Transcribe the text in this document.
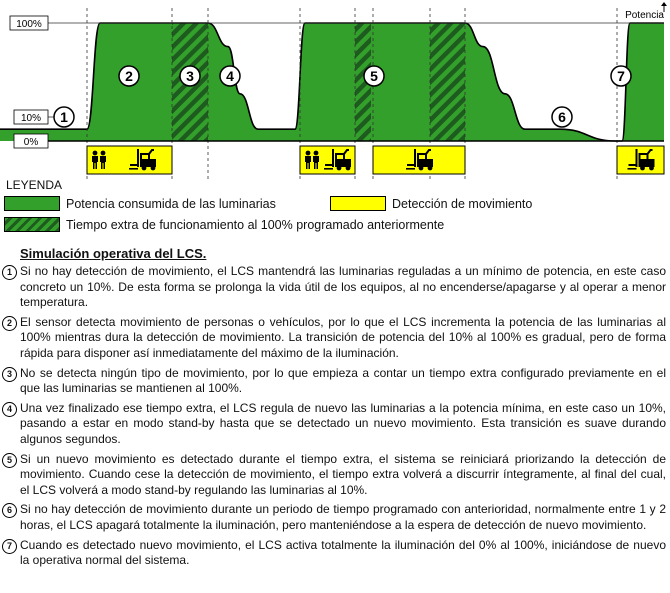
100%
10%
0%
Potencia
1
2	3 4	5
6
7
LEYENDA
Potencia consumida de las luminarias	Detección de movimiento
Tiempo extra de funcionamiento al 100% programado anteriormente
Simulación operativa del LCS.
1 Si no hay detección de movimiento, el LCS mantendrá las luminarias reguladas a un mínimo de potencia, en este caso concreto un 10%. De esta forma se prolonga la vida útil de los equipos, al no encenderse/apagarse y al operar a menor temperatura.
2 El sensor detecta movimiento de personas o vehículos, por lo que el LCS incrementa la potencia de las luminarias al 100% mientras dura la detección de movimiento. La transición de potencia del 10% al 100% es gradual, pero de forma rápida para disponer así inmediatamente del máximo de la iluminación.
3 No se detecta ningún tipo de movimiento, por lo que empieza a contar un tiempo extra configurado previamente en el que las luminarias se mantienen al 100%.
4 Una vez finalizado ese tiempo extra, el LCS regula de nuevo las luminarias a la potencia mínima, en este caso un 10%, pasando a estar en modo stand-by hasta que se detectado un nuevo movimiento. Esta transición es suave durando algunos segundos.
5 Si un nuevo movimiento es detectado durante el tiempo extra, el sistema se reiniciará priorizando la detección de movimiento. Cuando cese la detección de movimiento, el tiempo extra volverá a discurrir íntegramente, al final del cual, el LCS volverá a modo stand-by regulando las luminarias al 10%.
6 Si no hay detección de movimiento durante un periodo de tiempo programado con anterioridad, normalmente entre 1 y 2 horas, el LCS apagará totalmente la iluminación, pero manteniéndose a la espera de detección de nuevo movimiento.
7 Cuando es detectado nuevo movimiento, el LCS activa totalmente la iluminación del 0% al 100%, iniciándose de nuevo la operativa normal del sistema.
